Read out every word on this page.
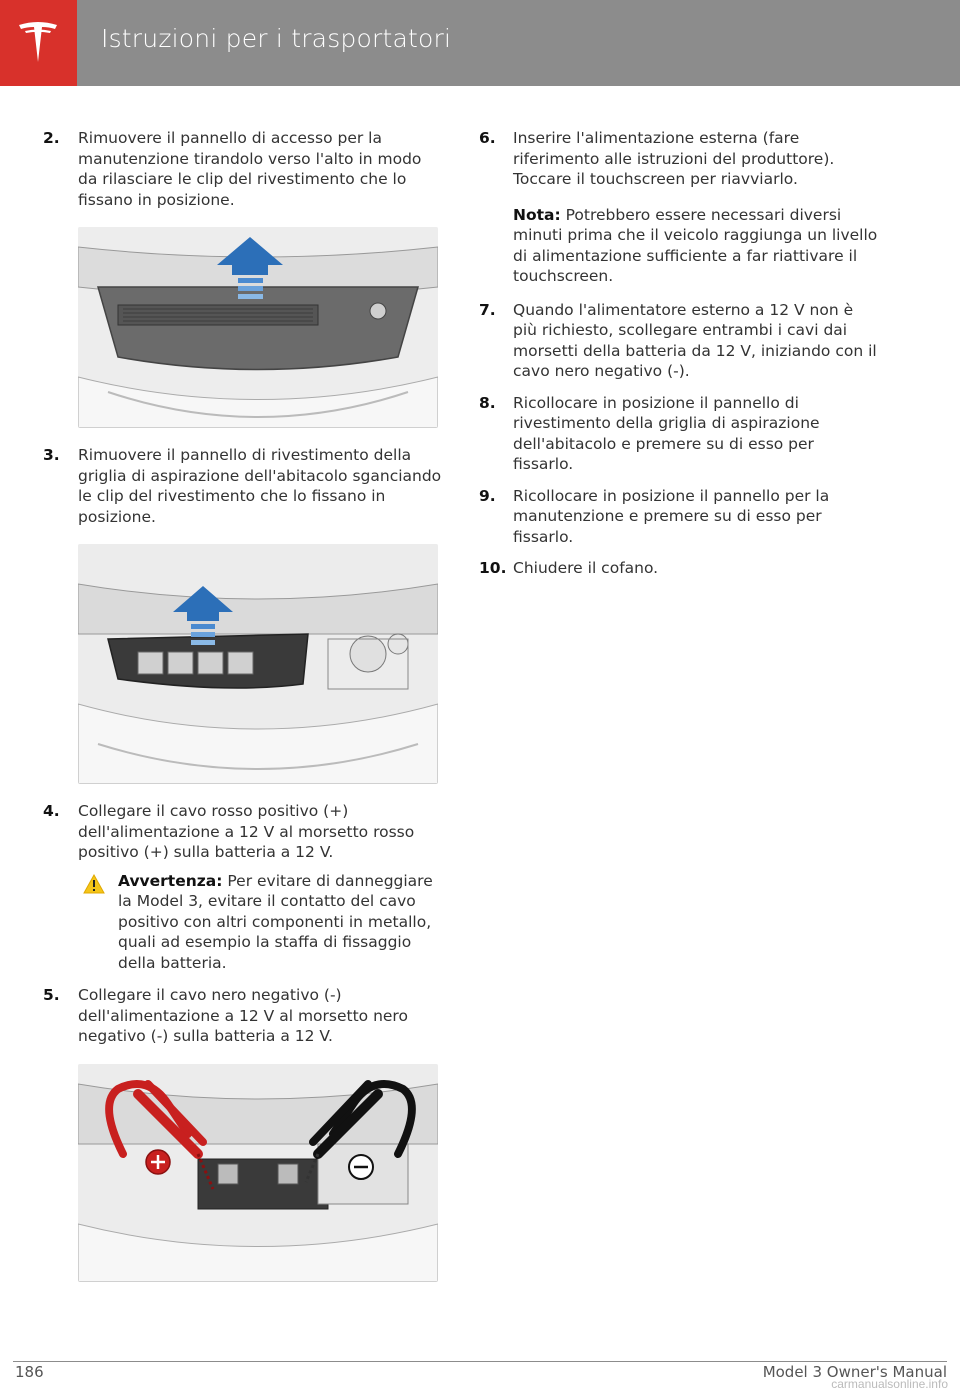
Istruzioni per i trasportatori
2. Rimuovere il pannello di accesso per la manutenzione tirandolo verso l'alto in modo da rilasciare le clip del rivestimento che lo fissano in posizione.
3. Rimuovere il pannello di rivestimento della griglia di aspirazione dell'abitacolo sganciando le clip del rivestimento che lo fissano in posizione.
4. Collegare il cavo rosso positivo (+) dell'alimentazione a 12 V al morsetto rosso positivo (+) sulla batteria a 12 V.
Avvertenza: Per evitare di danneggiare la Model 3, evitare il contatto del cavo positivo con altri componenti in metallo, quali ad esempio la staffa di fissaggio della batteria.
5. Collegare il cavo nero negativo (-) dell'alimentazione a 12 V al morsetto nero negativo (-) sulla batteria a 12 V.
6. Inserire l'alimentazione esterna (fare riferimento alle istruzioni del produttore). Toccare il touchscreen per riavviarlo.
Nota: Potrebbero essere necessari diversi minuti prima che il veicolo raggiunga un livello di alimentazione sufficiente a far riattivare il touchscreen.
7. Quando l'alimentatore esterno a 12 V non è più richiesto, scollegare entrambi i cavi dai morsetti della batteria da 12 V, iniziando con il cavo nero negativo (-).
8. Ricollocare in posizione il pannello di rivestimento della griglia di aspirazione dell'abitacolo e premere su di esso per fissarlo.
9. Ricollocare in posizione il pannello per la manutenzione e premere su di esso per fissarlo.
10. Chiudere il cofano.
186	Model 3 Owner's Manual
carmanualsonline.info
